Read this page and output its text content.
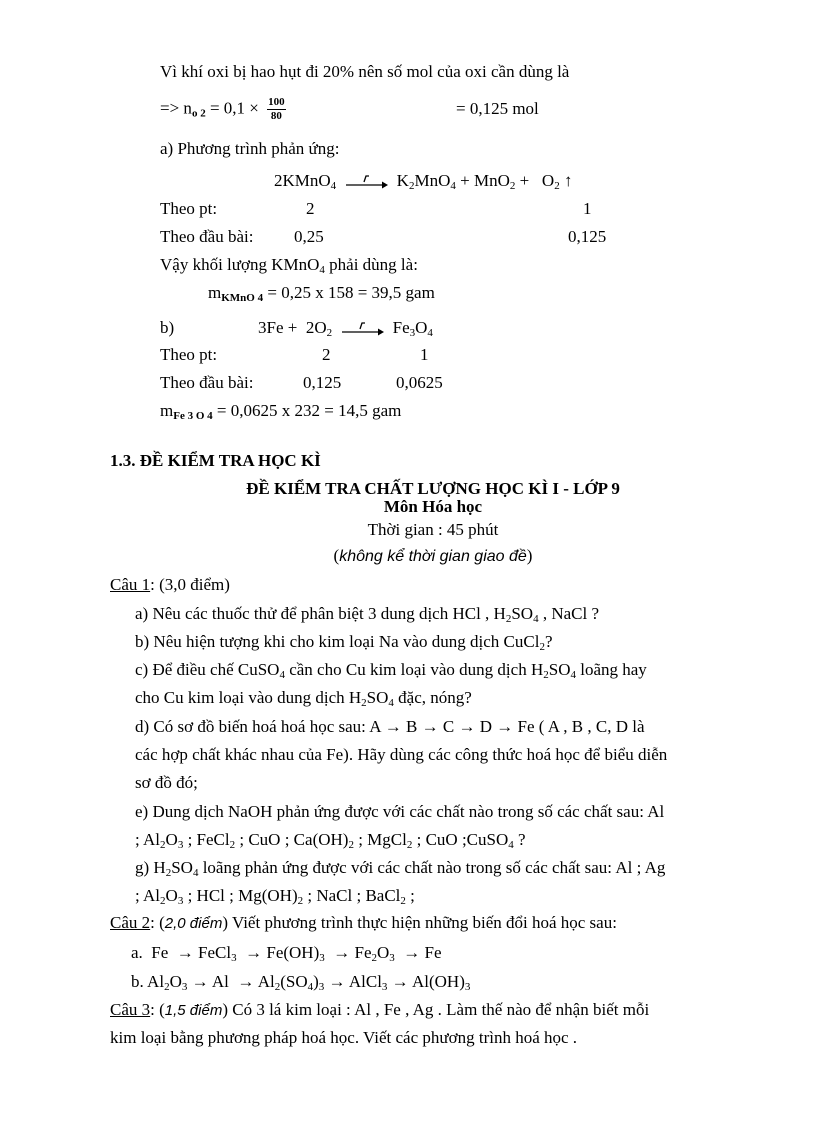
Vì khí oxi bị hao hụt đi 20% nên số mol của oxi cần dùng là
=> $n_{o 2} = 0,1 \times \frac{100}{80}$	= 0,125 mol
a) Phương trình phản ứng:
2KMnO$_4$	$K_2MnO_4 + MnO_2 + O_2$ ↑
Theo pt:	2	1
Theo đầu bài: 0,25	0,125
Vậy khối lượng KMnO$_4$ phải dùng là:
$m_{KMnO 4} = 0,25$ x 158 = 39,5 gam
b)	$3Fe + 2O_2$	$Fe_3O_4$
Theo pt:	2	1
Theo đầu bài:	0,125	0,0625
$m_{Fe 3 O 4} = 0,0625$ x 232 = 14,5 gam
1.3. ĐỀ KIỂM TRA HỌC KÌ
ĐỀ KIỂM TRA CHẤT LƯỢNG HỌC KÌ I - LỚP 9
Môn Hóa học
Thời gian : 45 phút
(không kể thời gian giao đề)
Câu 1: (3,0 điểm)
a) Nêu các thuốc thử để phân biệt 3 dung dịch HCl , $H_2SO_4$ , NaCl ?
b) Nêu hiện tượng khi cho kim loại Na vào dung dịch CuCl$_2$?
c) Để điều chế CuSO$_4$ cần cho Cu kim loại vào dung dịch $H_2SO_4$ loãng hay
cho Cu kim loại vào dung dịch $H_2SO_4$ đặc, nóng?
d) Có sơ đồ biến hoá hoá học sau: A → B → C → D → Fe ( A , B , C, D là
các hợp chất khác nhau của Fe). Hãy dùng các công thức hoá học để biểu diễn
sơ đồ đó;
e) Dung dịch NaOH phản ứng được với các chất nào trong số các chất sau: Al
; $Al_2O_3$ ; FeCl$_2$ ; CuO ; $Ca(OH)_2$ ; MgCl$_2$ ; CuO ;CuSO$_4$ ?
g) $H_2SO_4$ loãng phản ứng được với các chất nào trong số các chất sau: Al ; Ag
; $Al_2O_3$ ; HCl ; $Mg(OH)_2$ ; NaCl ; BaCl$_2$ ;
Câu 2: (2,0 điểm) Viết phương trình thực hiện những biến đổi hoá học sau:
a.  Fe  → FeCl$_3$  → $Fe(OH)_3 \to Fe_2O_3 \to Fe$
b. $Al_2O_3 \to Al \to Al_2(SO_4)_3$ → AlCl$_3$ → $Al(OH)_3$
Câu 3: (1,5 điểm) Có 3 lá kim loại : Al , Fe , Ag . Làm thế nào để nhận biết mỗi
kim loại bằng phương pháp hoá học. Viết các phương trình hoá học .
